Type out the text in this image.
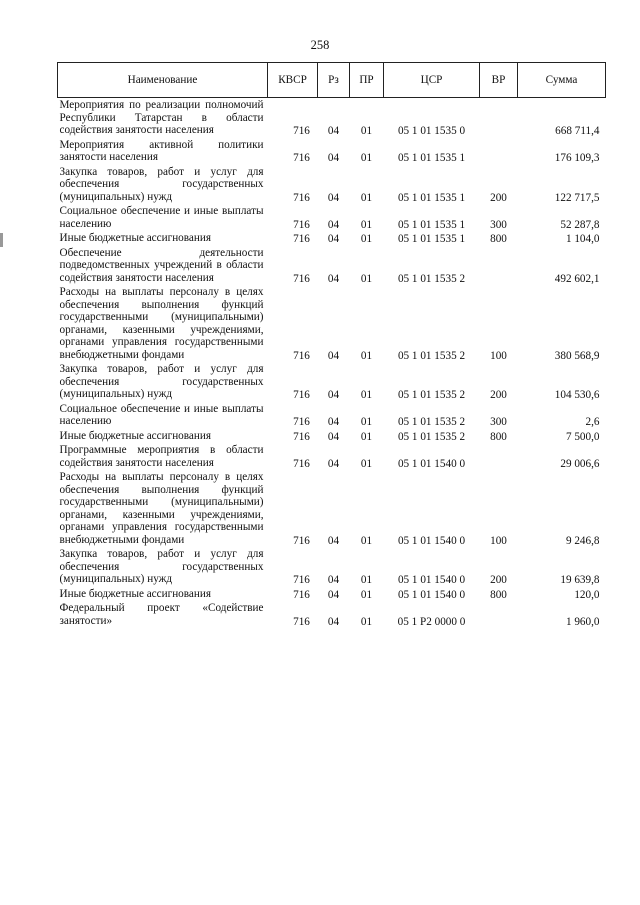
258
Наименование	КВСР	Рз	ПР	ЦСР	ВР	Сумма
Мероприятия по реализации полномочий Республики Татарстан в области содействия занятости населения	716	04	01	05 1 01 1535 0		668 711,4
Мероприятия активной политики занятости населения	716	04	01	05 1 01 1535 1		176 109,3
Закупка товаров, работ и услуг для обеспечения государственных (муниципальных) нужд	716	04	01	05 1 01 1535 1	200	122 717,5
Социальное обеспечение и иные выплаты населению	716	04	01	05 1 01 1535 1	300	52 287,8
Иные бюджетные ассигнования	716	04	01	05 1 01 1535 1	800	1 104,0
Обеспечение деятельности подведомственных учреждений в области содействия занятости населения	716	04	01	05 1 01 1535 2		492 602,1
Расходы на выплаты персоналу в целях обеспечения выполнения функций государственными (муниципальными) органами, казенными учреждениями, органами управления государственными внебюджетными фондами	716	04	01	05 1 01 1535 2	100	380 568,9
Закупка товаров, работ и услуг для обеспечения государственных (муниципальных) нужд	716	04	01	05 1 01 1535 2	200	104 530,6
Социальное обеспечение и иные выплаты населению	716	04	01	05 1 01 1535 2	300	2,6
Иные бюджетные ассигнования	716	04	01	05 1 01 1535 2	800	7 500,0
Программные мероприятия в области содействия занятости населения	716	04	01	05 1 01 1540 0		29 006,6
Расходы на выплаты персоналу в целях обеспечения выполнения функций государственными (муниципальными) органами, казенными учреждениями, органами управления государственными внебюджетными фондами	716	04	01	05 1 01 1540 0	100	9 246,8
Закупка товаров, работ и услуг для обеспечения государственных (муниципальных) нужд	716	04	01	05 1 01 1540 0	200	19 639,8
Иные бюджетные ассигнования	716	04	01	05 1 01 1540 0	800	120,0
Федеральный проект «Содействие занятости»	716	04	01	05 1 P2 0000 0		1 960,0
